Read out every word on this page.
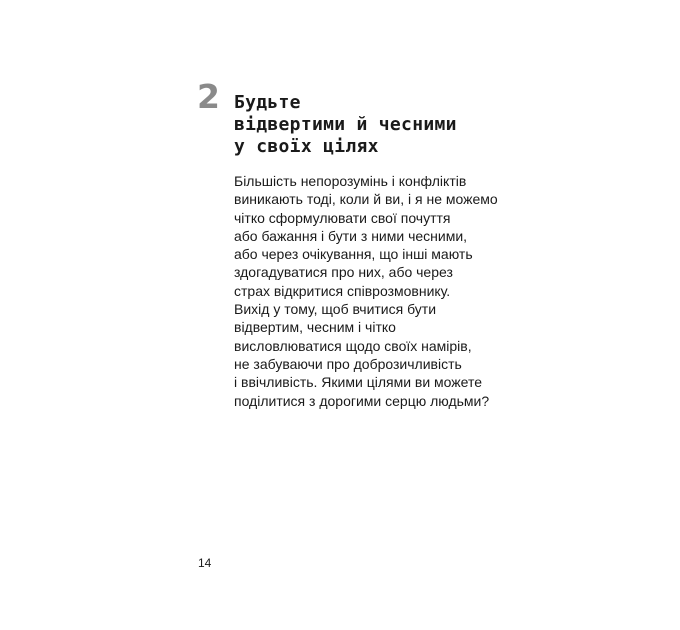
2 Будьте
відвертими й чесними
у своїх цілях

Більшість непорозумінь і конфліктів
виникають тоді, коли й ви, і я не можемо
чітко сформулювати свої почуття
або бажання і бути з ними чесними,
або через очікування, що інші мають
здогадуватися про них, або через
страх відкритися співрозмовнику.
Вихід у тому, щоб вчитися бути
відвертим, чесним і чітко
висловлюватися щодо своїх намірів,
не забуваючи про доброзичливість
і ввічливість. Якими цілями ви можете
поділитися з дорогими серцю людьми?

14
